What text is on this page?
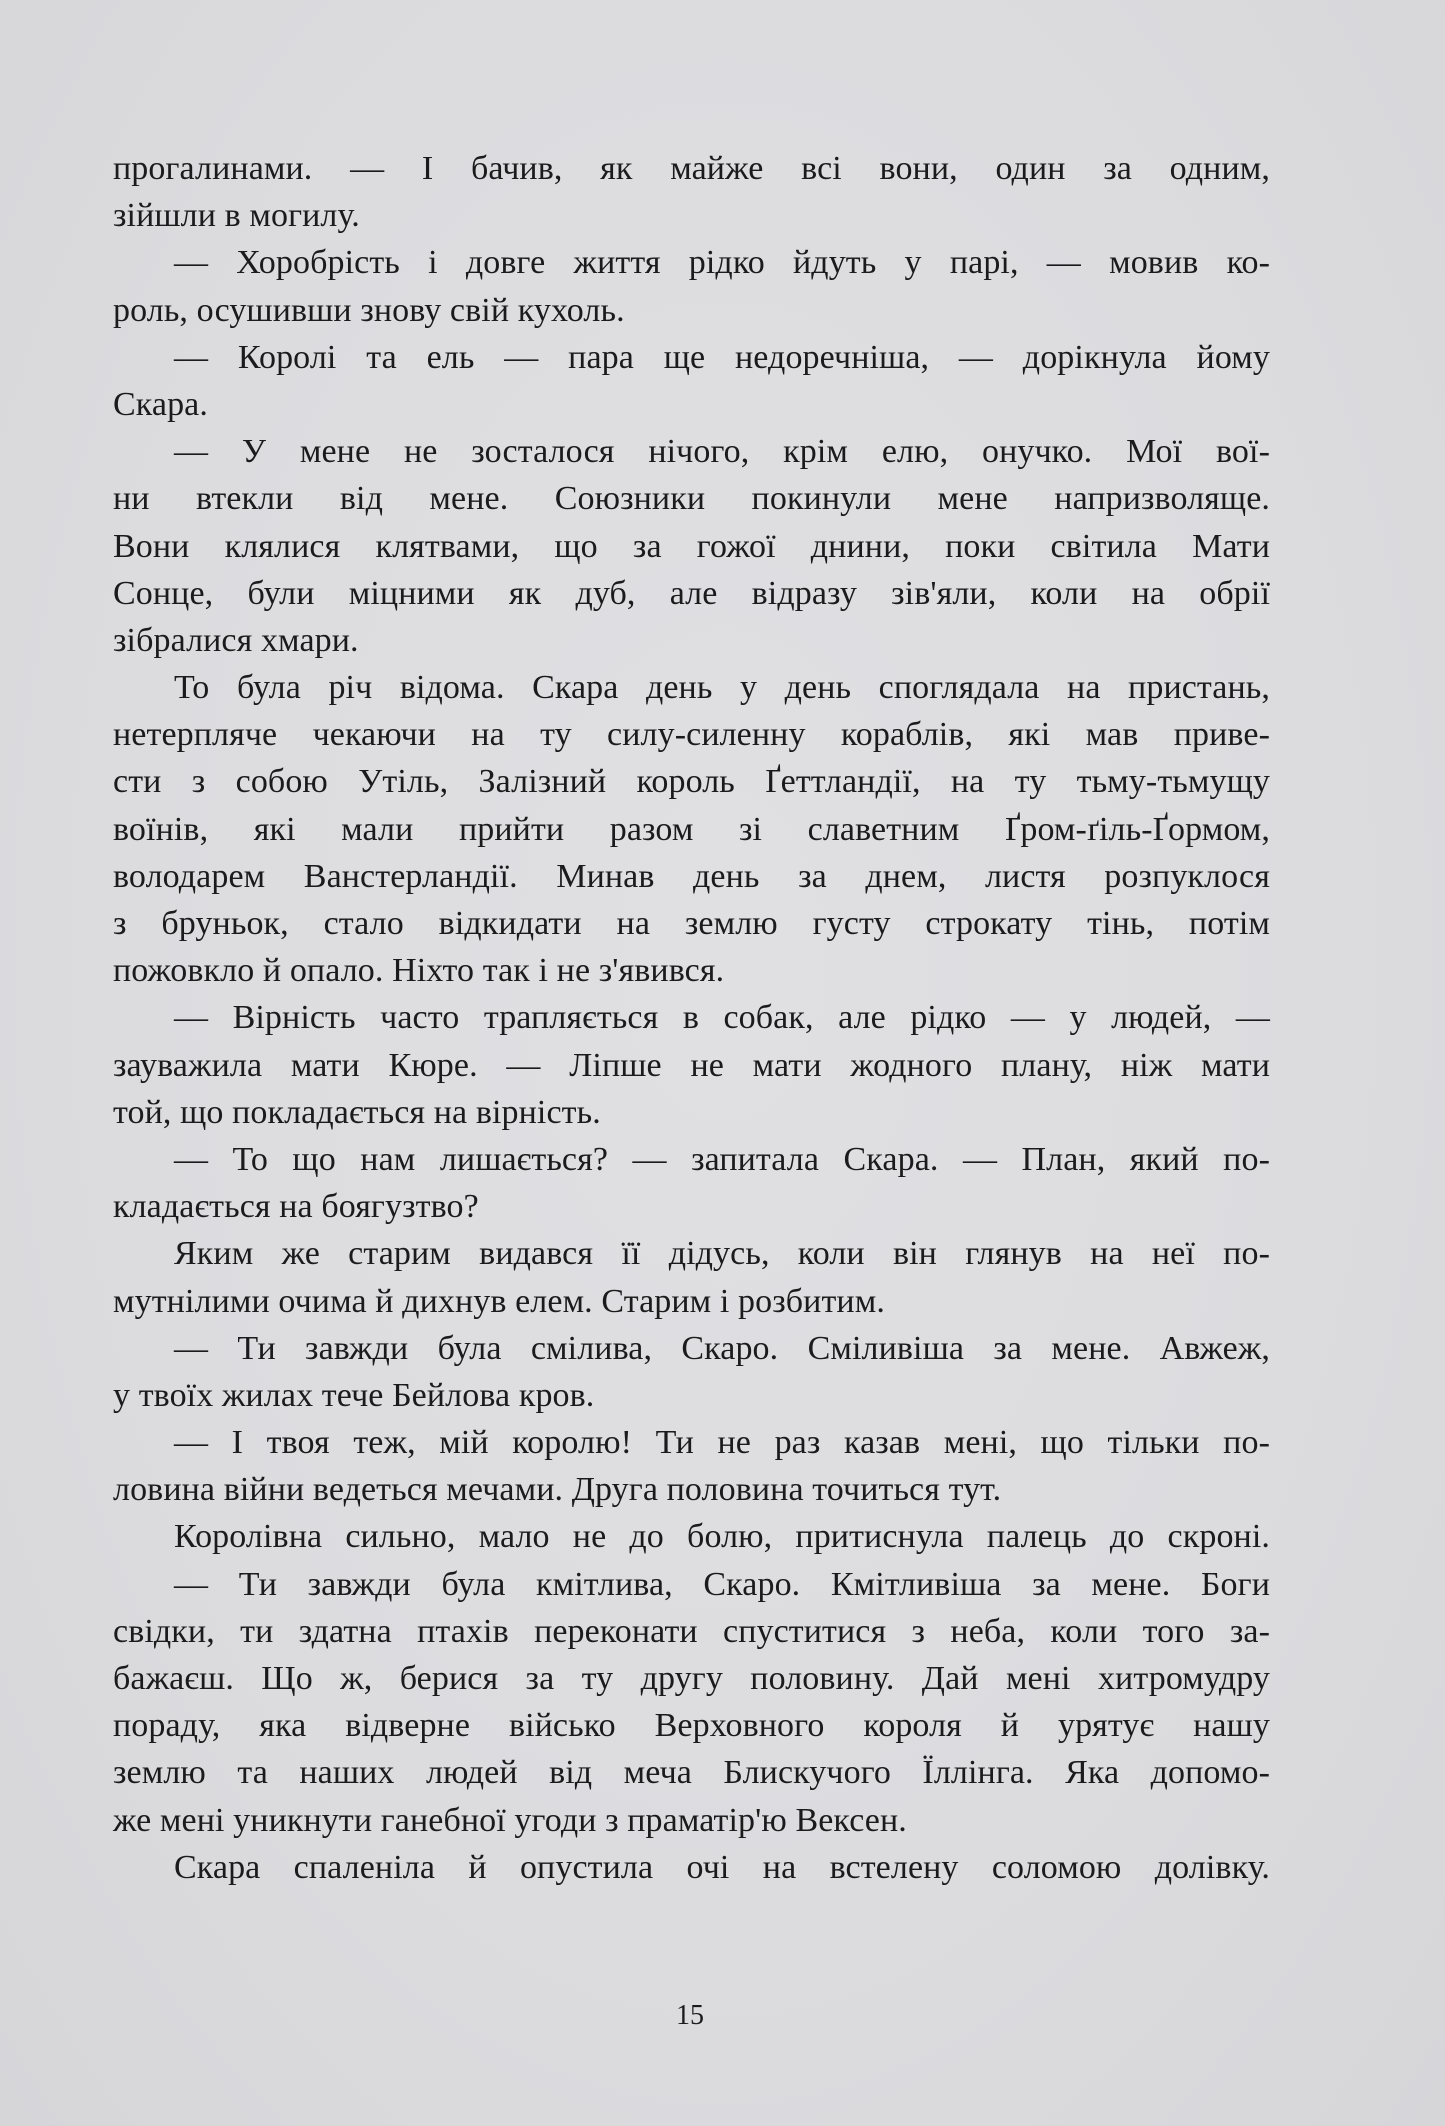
прогалинами. — І бачив, як майже всі вони, один за одним,
зійшли в могилу.
— Хоробрість і довге життя рідко йдуть у парі, — мовив ко-
роль, осушивши знову свій кухоль.
— Королі та ель — пара ще недоречніша, — дорікнула йому
Скара.
— У мене не зосталося нічого, крім елю, онучко. Мої воï-
ни втекли від мене. Союзники покинули мене напризволяще.
Вони клялися клятвами, що за гожої днини, поки світила Мати
Сонце, були міцними як дуб, але відразу зів'яли, коли на обрії
зібралися хмари.
То була річ відома. Скара день у день споглядала на пристань,
нетерпляче чекаючи на ту силу-силенну кораблів, які мав приве-
сти з собою Утіль, Залізний король Ґеттландії, на ту тьму-тьмущу
воїнів, які мали прийти разом зі славетним Ґром-ґіль-Ґормом,
володарем Ванстерландії. Минав день за днем, листя розпуклося
з бруньок, стало відкидати на землю густу строкату тінь, потім
пожовкло й опало. Ніхто так і не з'явився.
— Вірність часто трапляється в собак, але рідко — у людей, —
зауважила мати Кюре. — Ліпше не мати жодного плану, ніж мати
той, що покладається на вірність.
— То що нам лишається? — запитала Скара. — План, який по-
кладається на боягузтво?
Яким же старим видався її дідусь, коли він глянув на неї по-
мутнілими очима й дихнув елем. Старим і розбитим.
— Ти завжди була смілива, Скаро. Сміливіша за мене. Авжеж,
у твоїх жилах тече Бейлова кров.
— І твоя теж, мій королю! Ти не раз казав мені, що тільки по-
ловина війни ведеться мечами. Друга половина точиться тут.
Королівна сильно, мало не до болю, притиснула палець до скроні.
— Ти завжди була кмітлива, Скаро. Кмітливіша за мене. Боги
свідки, ти здатна птахів переконати спуститися з неба, коли того за-
бажаєш. Що ж, берися за ту другу половину. Дай мені хитромудру
пораду, яка відверне військо Верховного короля й урятує нашу
землю та наших людей від меча Блискучого Їллінга. Яка допомо-
же мені уникнути ганебної угоди з праматір'ю Вексен.
Скара спаленіла й опустила очі на встелену соломою долівку.
15
